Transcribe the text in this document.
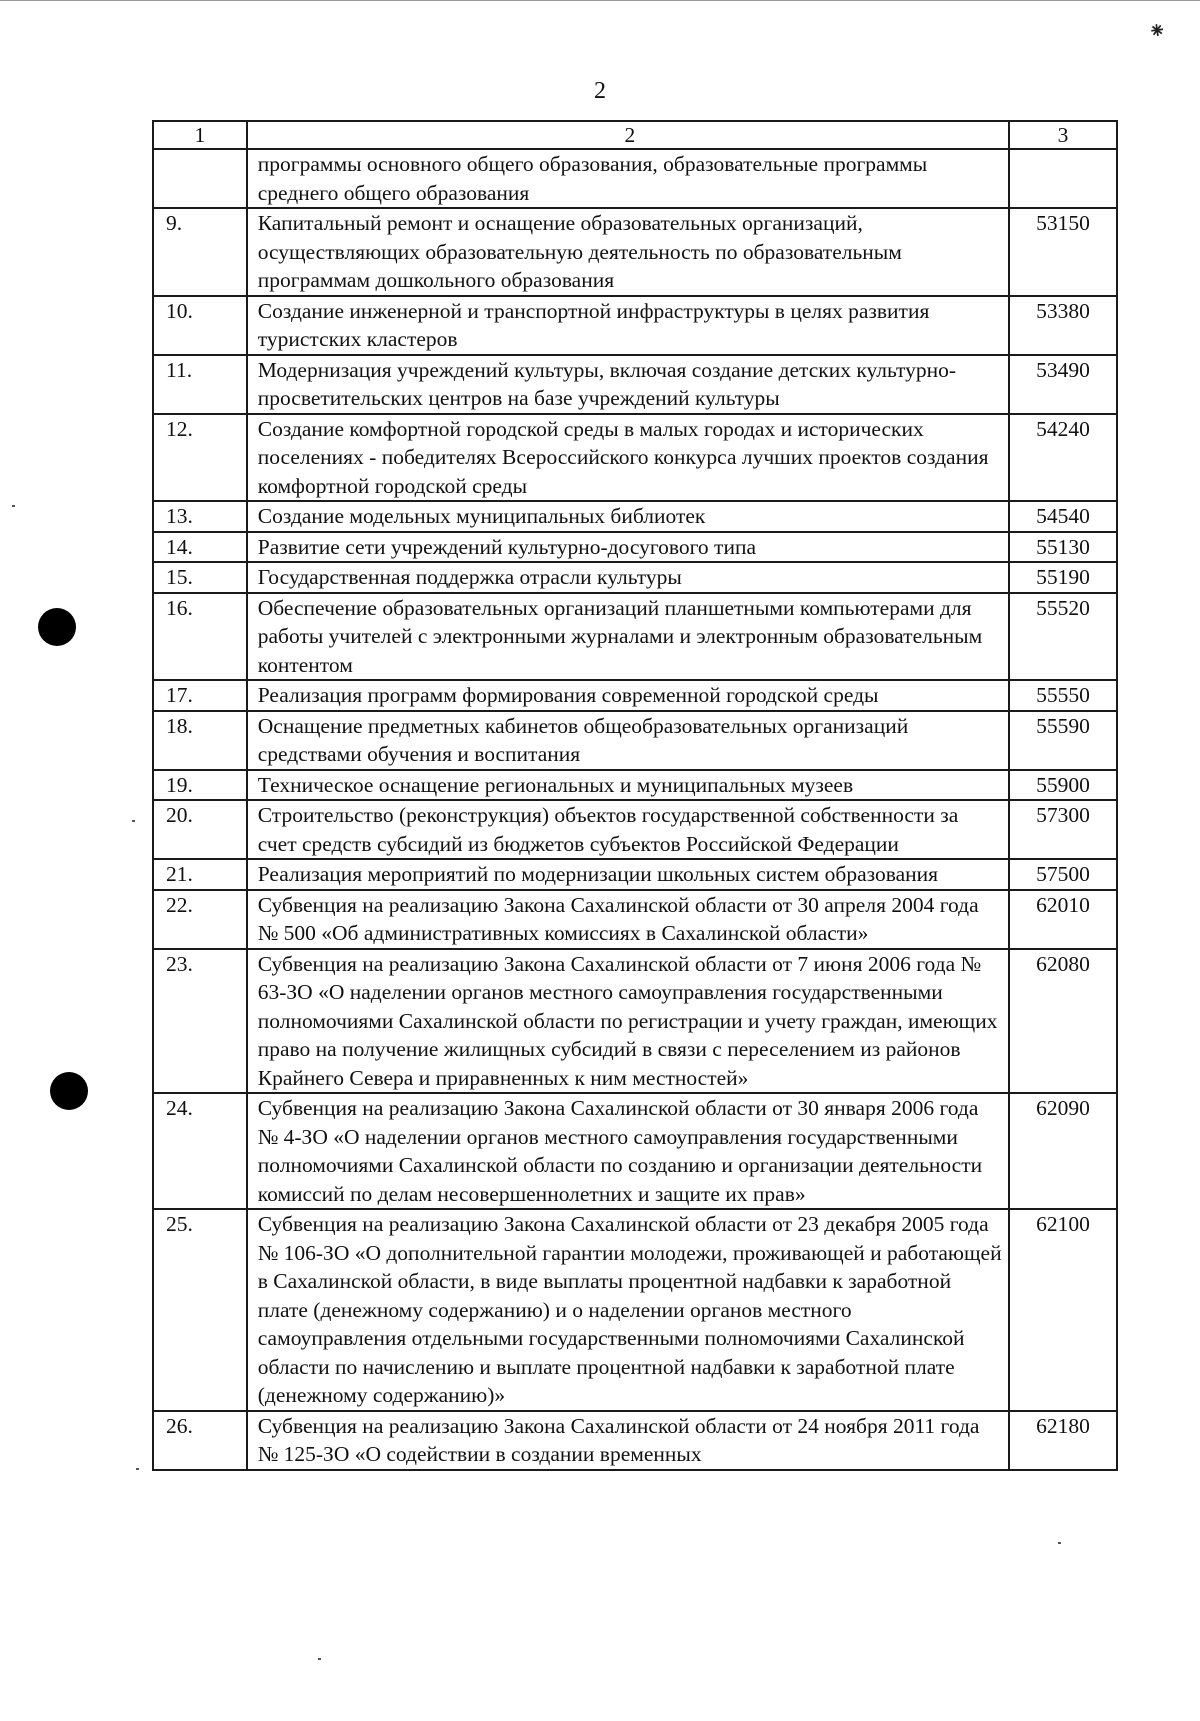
⁕
2
1	2	3
	программы основного общего образования, образовательные программы среднего общего образования	
9.	Капитальный ремонт и оснащение образовательных организаций, осуществляющих образовательную деятельность по образовательным программам дошкольного образования	53150
10.	Создание инженерной и транспортной инфраструктуры в целях развития туристских кластеров	53380
11.	Модернизация учреждений культуры, включая создание детских культурно-просветительских центров на базе учреждений культуры	53490
12.	Создание комфортной городской среды в малых городах и исторических поселениях - победителях Всероссийского конкурса лучших проектов создания комфортной городской среды	54240
13.	Создание модельных муниципальных библиотек	54540
14.	Развитие сети учреждений культурно-досугового типа	55130
15.	Государственная поддержка отрасли культуры	55190
16.	Обеспечение образовательных организаций планшетными компьютерами для работы учителей с электронными журналами и электронным образовательным контентом	55520
17.	Реализация программ формирования современной городской среды	55550
18.	Оснащение предметных кабинетов общеобразовательных организаций средствами обучения и воспитания	55590
19.	Техническое оснащение региональных и муниципальных музеев	55900
20.	Строительство (реконструкция) объектов государственной собственности за счет средств субсидий из бюджетов субъектов Российской Федерации	57300
21.	Реализация мероприятий по модернизации школьных систем образования	57500
22.	Субвенция на реализацию Закона Сахалинской области от 30 апреля 2004 года № 500 «Об административных комиссиях в Сахалинской области»	62010
23.	Субвенция на реализацию Закона Сахалинской области от 7 июня 2006 года № 63-ЗО «О наделении органов местного самоуправления государственными полномочиями Сахалинской области по регистрации и учету граждан, имеющих право на получение жилищных субсидий в связи с переселением из районов Крайнего Севера и приравненных к ним местностей»	62080
24.	Субвенция на реализацию Закона Сахалинской области от 30 января 2006 года № 4-ЗО «О наделении органов местного самоуправления государственными полномочиями Сахалинской области по созданию и организации деятельности комиссий по делам несовершеннолетних и защите их прав»	62090
25.	Субвенция на реализацию Закона Сахалинской области от 23 декабря 2005 года № 106-ЗО «О дополнительной гарантии молодежи, проживающей и работающей в Сахалинской области, в виде выплаты процентной надбавки к заработной плате (денежному содержанию) и о наделении органов местного самоуправления отдельными государственными полномочиями Сахалинской области по начислению и выплате процентной надбавки к заработной плате (денежному содержанию)»	62100
26.	Субвенция на реализацию Закона Сахалинской области от 24 ноября 2011 года № 125-ЗО «О содействии в создании временных	62180
